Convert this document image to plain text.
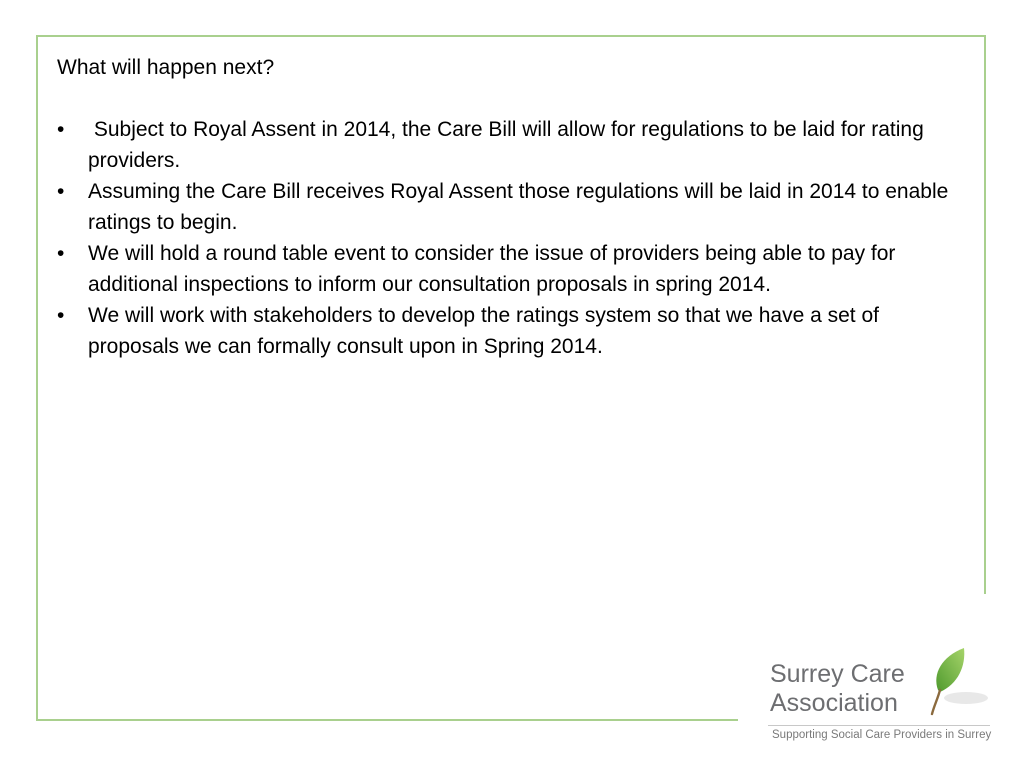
What will happen next?

• Subject to Royal Assent in 2014, the Care Bill will allow for regulations to be laid for rating providers.
• Assuming the Care Bill receives Royal Assent those regulations will be laid in 2014 to enable ratings to begin.
• We will hold a round table event to consider the issue of providers being able to pay for additional inspections to inform our consultation proposals in spring 2014.
• We will work with stakeholders to develop the ratings system so that we have a set of proposals we can formally consult upon in Spring 2014.
Surrey Care
Association
Supporting Social Care Providers in Surrey
